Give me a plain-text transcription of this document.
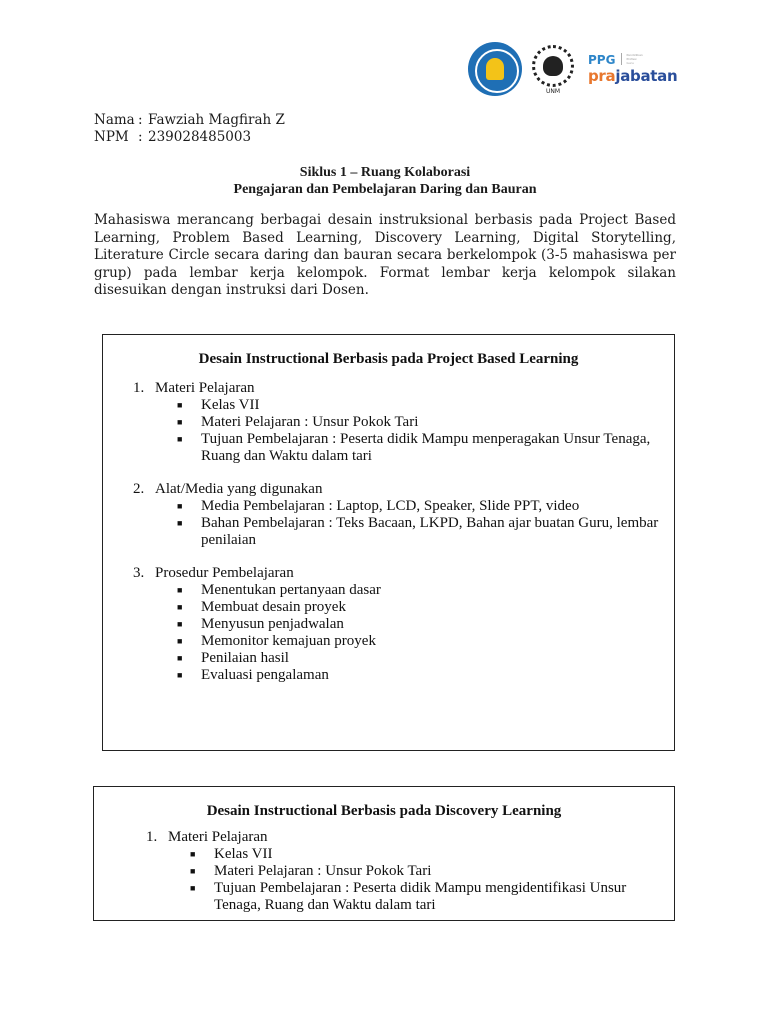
UNM
PPG	Pendidikan
Profesi
Guru
prajabatan
Nama : Fawziah Magfirah Z
NPM : 239028485003
Siklus 1 – Ruang Kolaborasi
Pengajaran dan Pembelajaran Daring dan Bauran

Mahasiswa merancang berbagai desain instruksional berbasis pada Project Based Learning, Problem Based Learning, Discovery Learning, Digital Storytelling, Literature Circle secara daring dan bauran secara berkelompok (3-5 mahasiswa per grup) pada lembar kerja kelompok. Format lembar kerja kelompok silakan disesuikan dengan instruksi dari Dosen.

Desain Instructional Berbasis pada Project Based Learning
1. Materi Pelajaran
■	Kelas VII
■	Materi Pelajaran : Unsur Pokok Tari
■	Tujuan Pembelajaran : Peserta didik Mampu menperagakan Unsur Tenaga, Ruang dan Waktu dalam tari
2. Alat/Media yang digunakan
■	Media Pembelajaran : Laptop, LCD, Speaker, Slide PPT, video
■	Bahan Pembelajaran : Teks Bacaan, LKPD, Bahan ajar buatan Guru, lembar penilaian
3. Prosedur Pembelajaran
■	Menentukan pertanyaan dasar
■	Membuat desain proyek
■	Menyusun penjadwalan
■	Memonitor kemajuan proyek
■	Penilaian hasil
■	Evaluasi pengalaman
Desain Instructional Berbasis pada Discovery Learning
1. Materi Pelajaran
■	Kelas VII
■	Materi Pelajaran : Unsur Pokok Tari
■	Tujuan Pembelajaran : Peserta didik Mampu mengidentifikasi Unsur Tenaga, Ruang dan Waktu dalam tari
